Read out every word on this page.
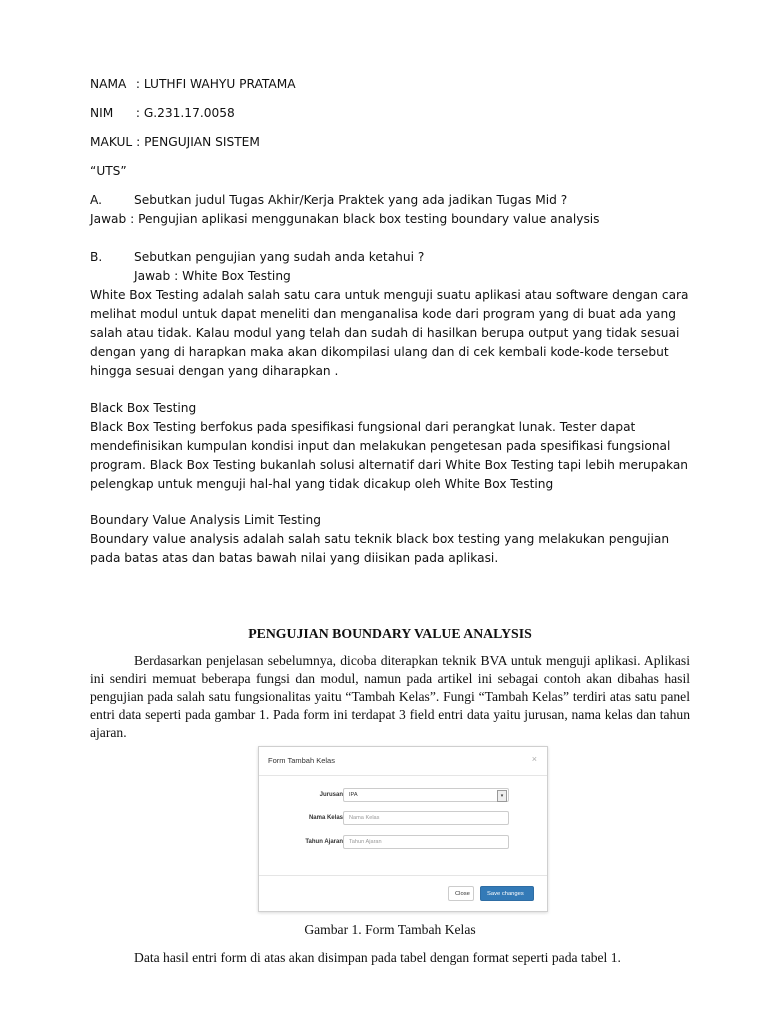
NAMA : LUTHFI WAHYU PRATAMA
NIM : G.231.17.0058
MAKUL : PENGUJIAN SISTEM
“UTS”
A.	Sebutkan judul Tugas Akhir/Kerja Praktek yang ada jadikan Tugas Mid ?
Jawab : Pengujian aplikasi menggunakan black box testing boundary value analysis
B.	Sebutkan pengujian yang sudah anda ketahui ?
Jawab : White Box Testing

White Box Testing adalah salah satu cara untuk menguji suatu aplikasi atau software dengan cara melihat modul untuk dapat meneliti dan menganalisa kode dari program yang di buat ada yang salah atau tidak. Kalau modul yang telah dan sudah di hasilkan berupa output yang tidak sesuai dengan yang di harapkan maka akan dikompilasi ulang dan di cek kembali kode-kode tersebut hingga sesuai dengan yang diharapkan .

Black Box Testing

Black Box Testing berfokus pada spesifikasi fungsional dari perangkat lunak. Tester dapat mendefinisikan kumpulan kondisi input dan melakukan pengetesan pada spesifikasi fungsional program. Black Box Testing bukanlah solusi alternatif dari White Box Testing tapi lebih merupakan pelengkap untuk menguji hal-hal yang tidak dicakup oleh White Box Testing

Boundary Value Analysis Limit Testing

Boundary value analysis adalah salah satu teknik black box testing yang melakukan pengujian pada batas atas dan batas bawah nilai yang diisikan pada aplikasi.

PENGUJIAN BOUNDARY VALUE ANALYSIS

Berdasarkan penjelasan sebelumnya, dicoba diterapkan teknik BVA untuk menguji aplikasi. Aplikasi ini sendiri memuat beberapa fungsi dan modul, namun pada artikel ini sebagai contoh akan dibahas hasil pengujian pada salah satu fungsionalitas yaitu “Tambah Kelas”. Fungi “Tambah Kelas” terdiri atas satu panel entri data seperti pada gambar 1. Pada form ini terdapat 3 field entri data yaitu jurusan, nama kelas dan tahun ajaran.

Form Tambah Kelas	×
Jurusan	IPA	▾
Nama Kelas	Nama Kelas
Tahun Ajaran	Tahun Ajaran
Close	Save changes
Gambar 1. Form Tambah Kelas
Data hasil entri form di atas akan disimpan pada tabel dengan format seperti pada tabel 1.
